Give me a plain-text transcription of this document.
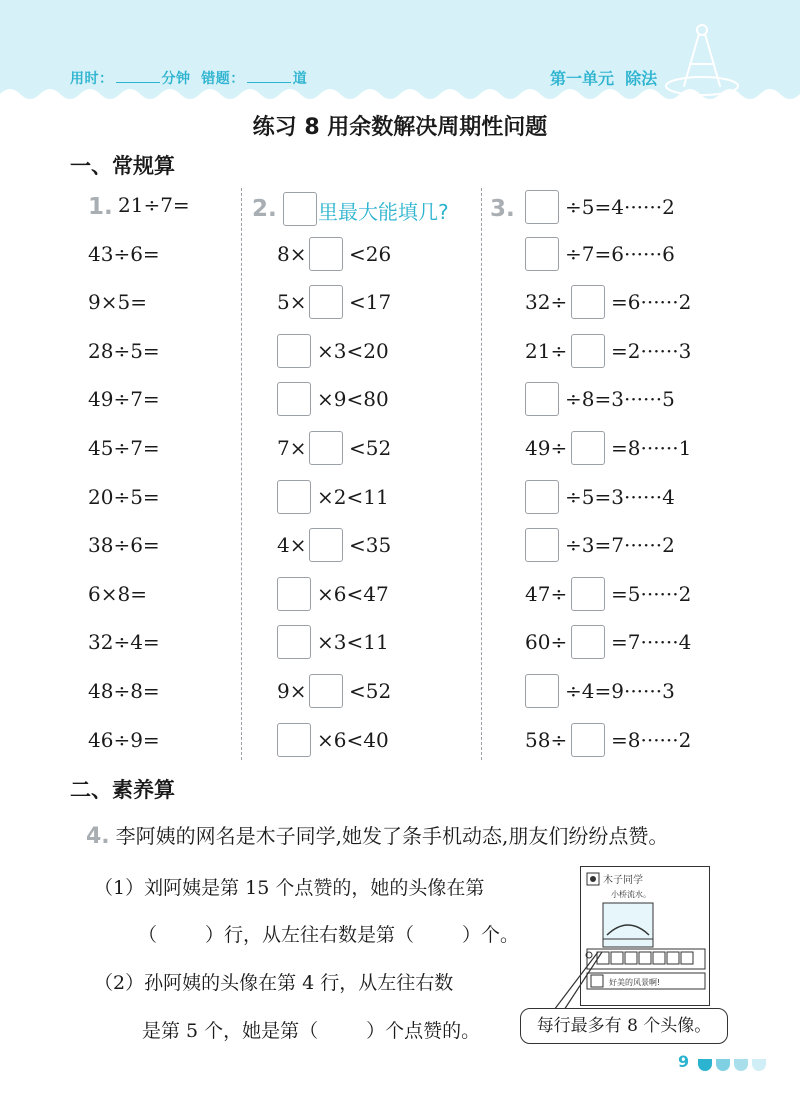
用时：	分钟 错题：	道	第一单元 除法
练习 8 用余数解决周期性问题
一、常规算
1.	2. 里最大能填几? 3.
21÷7=
43÷6=
9×5=
28÷5=
49÷7=
45÷7=
20÷5=
38÷6=
6×8=
32÷4=
48÷8=
46÷9=
8× <26
5× <17
×3<20
×9<80
7× <52
×2<11
4× <35
×6<47
×3<11
9× <52
×6<40
÷5=4······2
÷7=6······6
32÷ =6······2
21÷ =2······3
÷8=3······5
49÷ =8······1
÷5=3······4
÷3=7······2
47÷ =5······2
60÷ =7······4
÷4=9······3
58÷ =8······2
二、素养算
4. 李阿姨的网名是木子同学,她发了条手机动态,朋友们纷纷点赞。
（1）刘阿姨是第 15 个点赞的，她的头像在第
（	）行，从左往右数是第（	）个。
（2）孙阿姨的头像在第 4 行，从左往右数
是第 5 个，她是第（	）个点赞的。
木子同学
小桥流水。
好美的风景啊!
每行最多有 8 个头像。
9
